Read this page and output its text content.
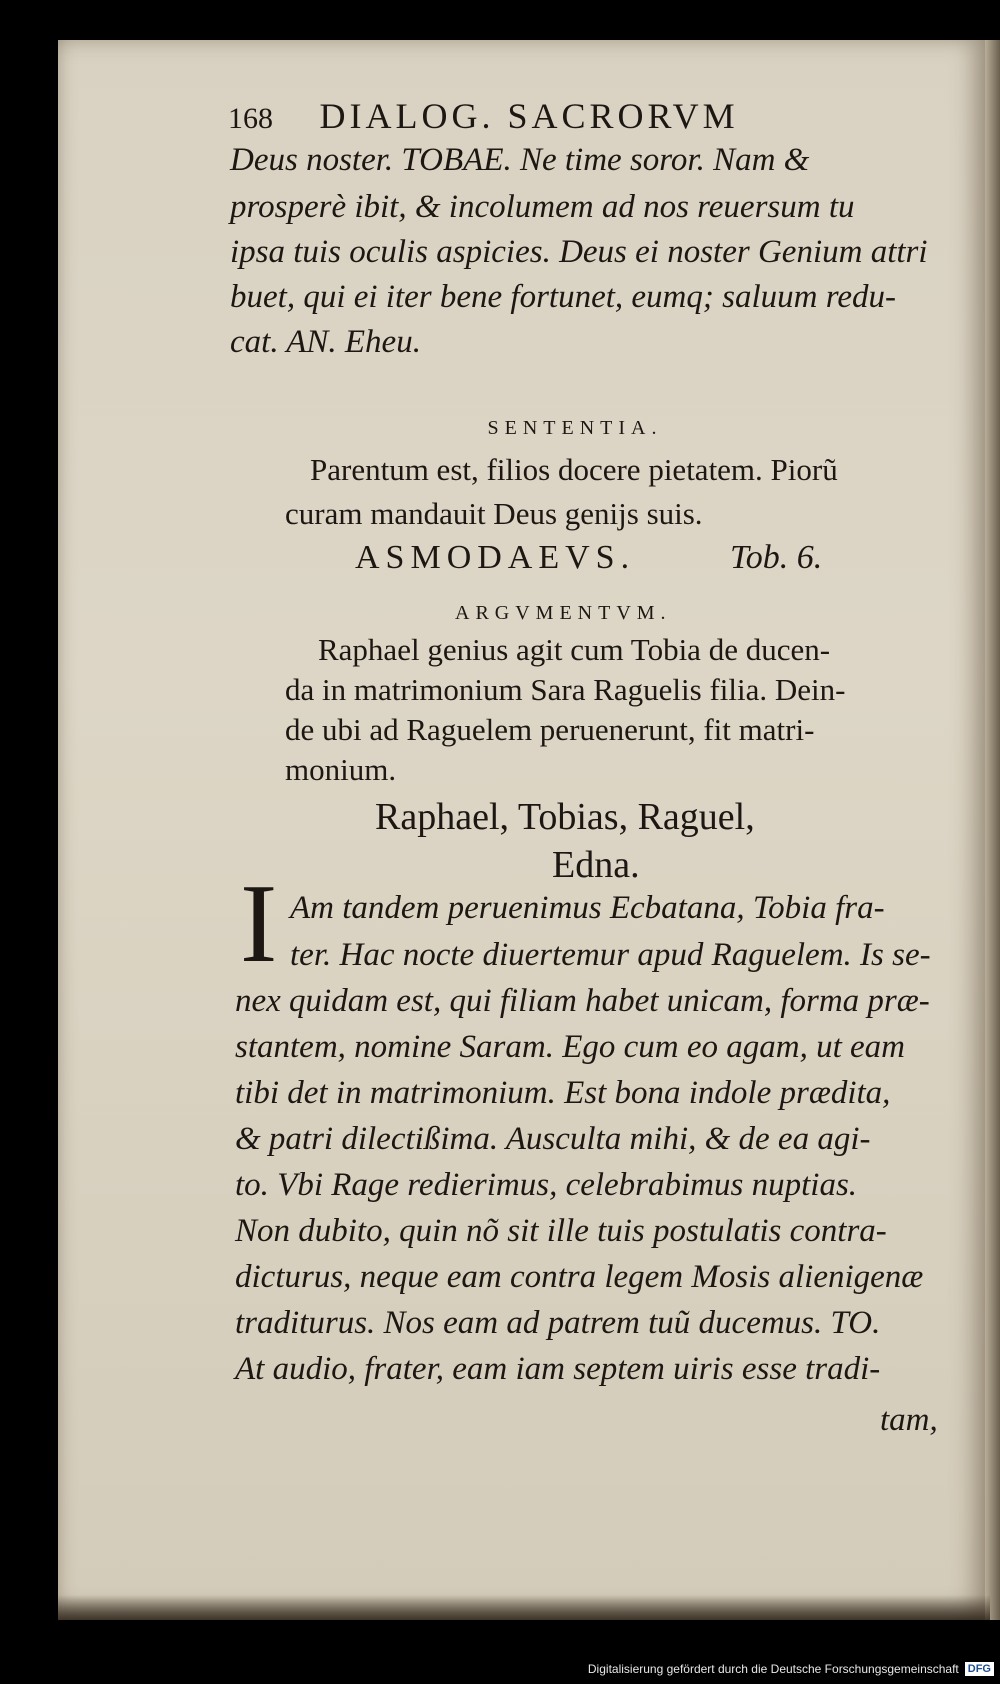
168 DIALOG. SACRORVM
Deus noster. TOBAE. Ne time soror. Nam &
prosperè ibit, & incolumem ad nos reuersum tu
ipsa tuis oculis aspicies. Deus ei noster Genium attri
buet, qui ei iter bene fortunet, eumq; saluum redu-
cat. AN. Eheu.
SENTENTIA.
Parentum est, filios docere pietatem. Piorũ
curam mandauit Deus genijs suis.
ASMODAEVS.	Tob. 6.
ARGVMENTVM.
Raphael genius agit cum Tobia de ducen-
da in matrimonium Sara Raguelis filia. Dein-
de ubi ad Raguelem peruenerunt, fit matri-
monium.
Raphael, Tobias, Raguel,
Edna.
I Am tandem peruenimus Ecbatana, Tobia fra-
ter. Hac nocte diuertemur apud Raguelem. Is se-
nex quidam est, qui filiam habet unicam, forma præ-
stantem, nomine Saram. Ego cum eo agam, ut eam
tibi det in matrimonium. Est bona indole prædita,
& patri dilectißima. Ausculta mihi, & de ea agi-
to. Vbi Rage redierimus, celebrabimus nuptias.
Non dubito, quin nõ sit ille tuis postulatis contra-
dicturus, neque eam contra legem Mosis alienigenæ
traditurus. Nos eam ad patrem tuũ ducemus. TO.
At audio, frater, eam iam septem uiris esse tradi-
tam,
Digitalisierung gefördert durch die Deutsche Forschungsgemeinschaft DFG
